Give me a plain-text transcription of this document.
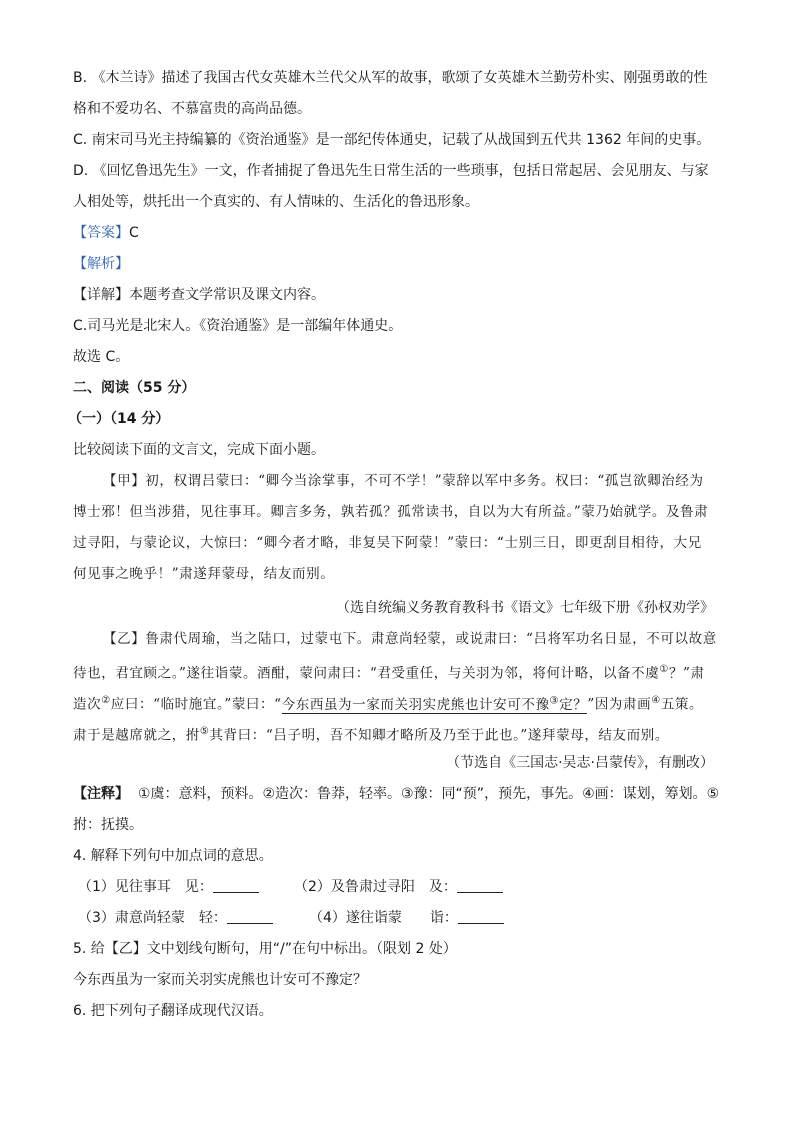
B. 《木兰诗》描述了我国古代女英雄木兰代父从军的故事，歌颂了女英雄木兰勤劳朴实、刚强勇敢的性
格和不爱功名、不慕富贵的高尚品德。
C. 南宋司马光主持编纂的《资治通鉴》是一部纪传体通史，记载了从战国到五代共 1362 年间的史事。
D. 《回忆鲁迅先生》一文，作者捕捉了鲁迅先生日常生活的一些琐事，包括日常起居、会见朋友、与家
人相处等，烘托出一个真实的、有人情味的、生活化的鲁迅形象。
【答案】C
【解析】
【详解】本题考查文学常识及课文内容。
C.司马光是北宋人。《资治通鉴》是一部编年体通史。
故选 C。
二、阅读（55 分）
（一）（14 分）
比较阅读下面的文言文，完成下面小题。
【甲】初，权谓吕蒙曰：“卿今当涂掌事，不可不学！”蒙辞以军中多务。权曰：“孤岂欲卿治经为
博士邪！但当涉猎，见往事耳。卿言多务，孰若孤？孤常读书，自以为大有所益。”蒙乃始就学。及鲁肃
过寻阳，与蒙论议，大惊曰：“卿今者才略，非复吴下阿蒙！”蒙曰：“士别三日，即更刮目相待，大兄
何见事之晚乎！”肃遂拜蒙母，结友而别。
（选自统编义务教育教科书《语文》七年级下册《孙权劝学》
【乙】鲁肃代周瑜，当之陆口，过蒙屯下。肃意尚轻蒙，或说肃曰：“吕将军功名日显，不可以故意
待也，君宜顾之。”遂往诣蒙。酒酣，蒙问肃曰：“君受重任，与关羽为邻，将何计略，以备不虞①？”肃
造次②应曰：“临时施宜。”蒙曰：“今东西虽为一家而关羽实虎熊也计安可不豫③定？”因为肃画④五策。
肃于是越席就之，拊⑤其背曰：“吕子明，吾不知卿才略所及乃至于此也。”遂拜蒙母，结友而别。
（节选自《三国志·吴志·吕蒙传》，有删改）
【注释】 ①虞：意料，预料。②造次：鲁莽，轻率。③豫：同“预”，预先，事先。④画：谋划，筹划。⑤
拊：抚摸。
4. 解释下列句中加点词的意思。
（1）见往事耳　见：	（2）及鲁肃过寻阳　及：
（3）肃意尚轻蒙　轻：	（4）遂往诣蒙　　诣：
5. 给【乙】文中划线句断句，用“/”在句中标出。（限划 2 处）
今东西虽为一家而关羽实虎熊也计安可不豫定？
6. 把下列句子翻译成现代汉语。
